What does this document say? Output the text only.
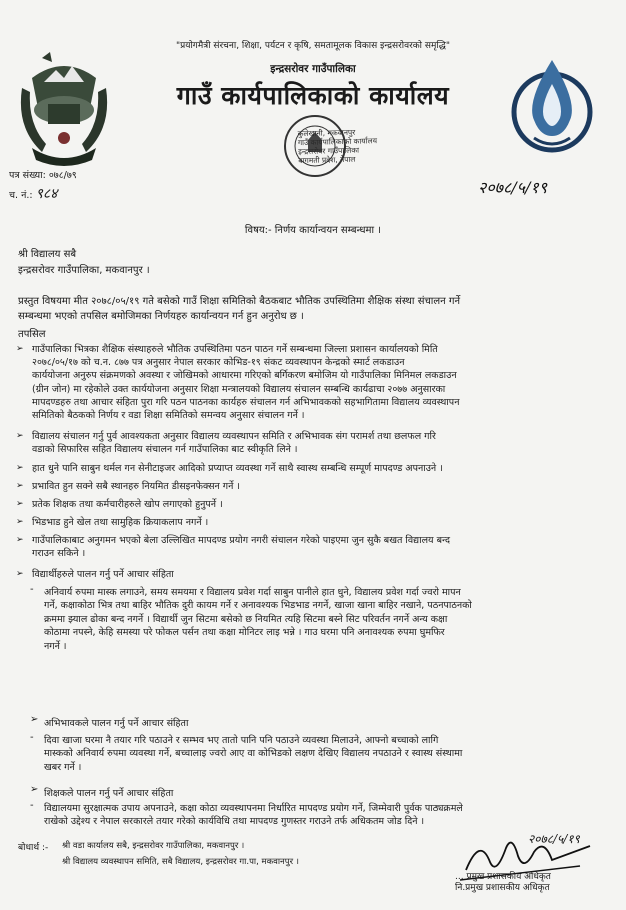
"प्रयोगमैत्री संरचना, शिक्षा, पर्यटन र कृषि, समतामूलक विकास इन्द्रसरोवरको समृद्धि"
इन्द्रसरोवर गाउँपालिका
गाउँ कार्यपालिकाको कार्यालय
कुलेखानी, मकवानपुर
गाउँ कार्यपालिकाको कार्यालय
इन्द्रसरोवर गाउँपालिका
बागमती प्रदेश, नेपाल
पत्र संख्या: ०७८/७९
च. नं.: ९८४	२०७८/५/१९
विषय:- निर्णय कार्यान्वयन सम्बन्धमा ।
श्री विद्यालय सबै
इन्द्रसरोवर गाउँपालिका, मकवानपुर ।
प्रस्तुत विषयमा मीत २०७८/०५/१९ गते बसेको गाउँ शिक्षा समितिको बैठकबाट भौतिक उपस्थितिमा शैक्षिक संस्था संचालन गर्ने
सम्बन्धमा भएको तपसिल बमोजिमका निर्णयहरु कार्यान्वयन गर्न हुन अनुरोध छ ।
तपसिल
➢ गाउँपालिका भित्रका शैक्षिक संस्थाहरुले भौतिक उपस्थितिमा पठन पाठन गर्ने सम्बन्धमा जिल्ला प्रशासन कार्यालयको मिति
२०७८/०५/१७ को च.न. ८७७ पत्र अनुसार नेपाल सरकार कोभिड-१९ संकट व्यवस्थापन केन्द्रको स्मार्ट लकडाउन
कार्ययोजना अनुरुप संक्रमणको अवस्था र जोखिमको आधारमा गरिएको बर्गिकरण बमोजिम यो गाउँपालिका मिनिमल लकडाउन
(ग्रीन जोन) मा रहेकोले उक्त कार्ययोजना अनुसार शिक्षा मन्त्रालयको विद्यालय संचालन सम्बन्धि कार्यढाचा २०७७ अनुसारका
मापदण्डहरु तथा आचार संहिता पुरा गरि पठन पाठनका कार्यहरु संचालन गर्न अभिभावकको सहभागितामा विद्यालय व्यवस्थापन
समितिको बैठकको निर्णय र वडा शिक्षा समितिको समन्वय अनुसार संचालन गर्ने ।
➢ विद्यालय संचालन गर्नु पुर्व आवश्यकता अनुसार विद्यालय व्यवस्थापन समिति र अभिभावक संग परामर्श तथा छलफल गरि
वडाको सिफारिस सहित विद्यालय संचालन गर्न गाउँपालिका बाट स्वीकृति लिने ।
➢ हात धुने पानि साबुन थर्मल गन सेनीटाइजर आदिको प्रप्याप्त व्यवस्था गर्ने साथै स्वास्थ सम्बन्धि सम्पूर्ण मापदण्ड अपनाउने ।
➢ प्रभावित हुन सक्ने सबै स्थानहरु नियमित डीसइनफेक्सन गर्ने ।
➢ प्रतेक शिक्षक तथा कर्मचारीहरुले खोप लगाएको हुनुपर्ने ।
➢ भिडभाड हुने खेल तथा सामुहिक क्रियाकलाप नगर्ने ।
➢ गाउँपालिकाबाट अनुगमन भएको बेला उल्लिखित मापदण्ड प्रयोग नगरी संचालन गरेको पाइएमा जुन सुकै बखत विद्यालय बन्द
गराउन सकिने ।
➢ विद्यार्थीहरुले पालन गर्नु पर्ने आचार संहिता
- अनिवार्य रुपमा मास्क लगाउने, समय समयमा र विद्यालय प्रवेश गर्दा साबुन पानीले हात धुने, विद्यालय प्रवेश गर्दा ज्वरो मापन
गर्ने, कक्षाकोठा भित्र तथा बाहिर भौतिक दुरी कायम गर्ने र अनावश्यक भिडभाड नगर्ने, खाजा खाना बाहिर नखाने, पठनपाठनको
क्रममा झ्याल ढोका बन्द नगर्ने । विद्यार्थी जुन सिटमा बसेको छ नियमित त्यहि सिटमा बस्ने सिट परिवर्तन नगर्ने अन्य कक्षा
कोठामा नपस्ने, केहि समस्या परे फोकल पर्सन तथा कक्षा मोनिटर लाइ भन्ने । गाउ घरमा पनि अनावश्यक रुपमा घुमफिर
नगर्ने ।
➢ अभिभावकले पालन गर्नु पर्ने आचार संहिता
- दिवा खाजा घरमा नै तयार गरि पठाउने र सम्भव भए तातो पानि पनि पठाउने व्यवस्था मिलाउने, आफ्नो बच्चाको लागि
मास्कको अनिवार्य रुपमा व्यवस्था गर्ने, बच्चालाइ ज्वरो आए वा कोभिडको लक्षण देखिए विद्यालय नपठाउने र स्वास्थ संस्थामा
खबर गर्ने ।
➢ शिक्षकले पालन गर्नु पर्ने आचार संहिता
- विद्यालयमा सुरक्षात्मक उपाय अपनाउने, कक्षा कोठा व्यवस्थापनमा निर्धारित मापदण्ड प्रयोग गर्ने, जिम्मेवारी पुर्वक पाठ्यक्रमले
राखेको उद्देश्य र नेपाल सरकारले तयार गरेको कार्यविधि तथा मापदण्ड गुणस्तर गराउने तर्फ अधिकतम जोड दिने ।
बोधार्थ :- श्री वडा कार्यालय सबै, इन्द्रसरोवर गाउँपालिका, मकवानपुर ।
श्री विद्यालय व्यवस्थापन समिति, सबै विद्यालय, इन्द्रसरोवर गा.पा, मकवानपुर ।
२०७८/५/१९
... प्रमुख प्रशासकीय अधिकृत
नि.प्रमुख प्रशासकीय अधिकृत
